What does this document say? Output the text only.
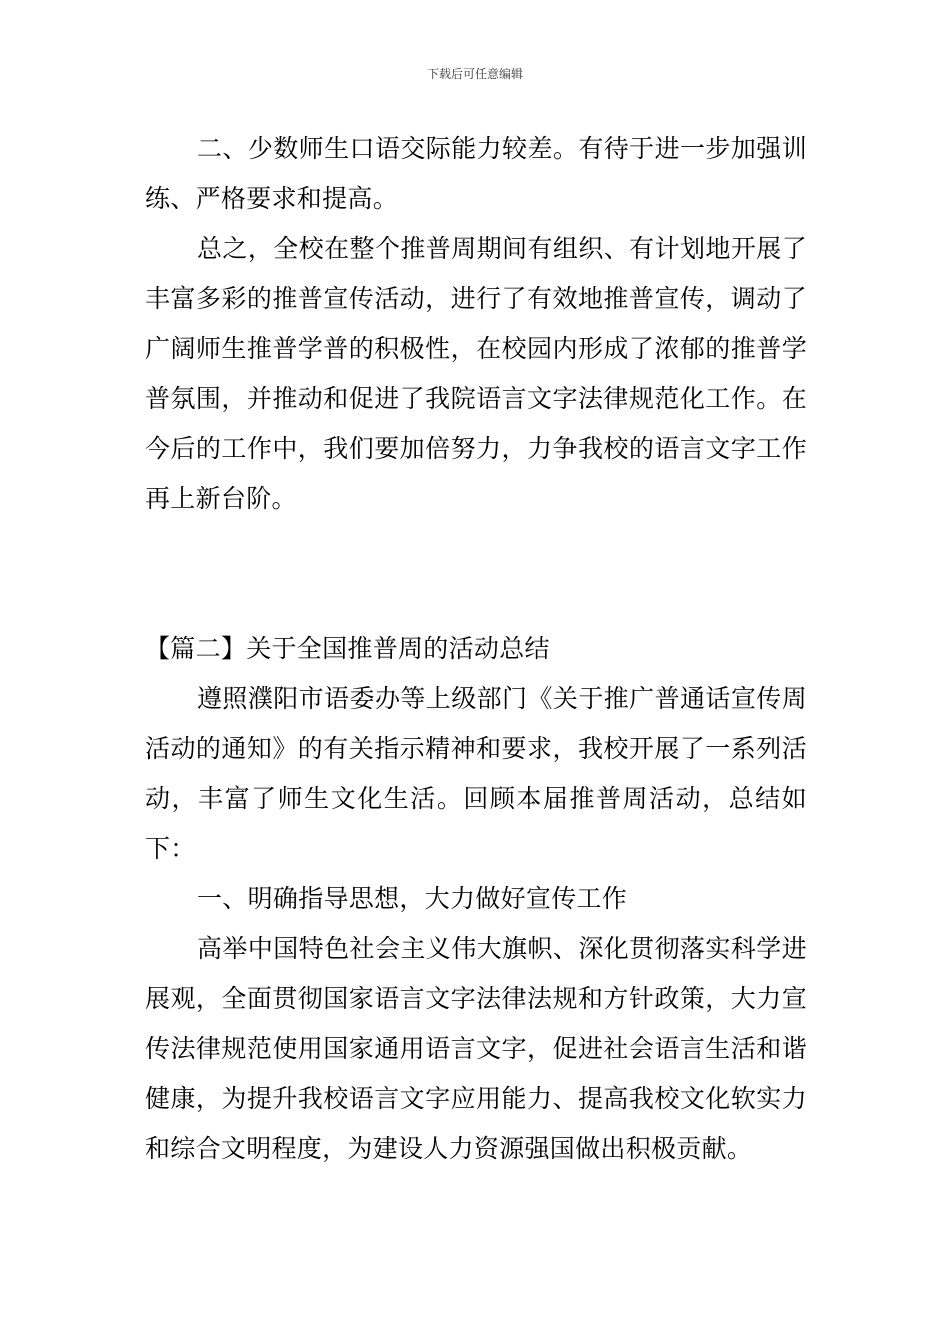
下载后可任意编辑

二、少数师生口语交际能力较差。有待于进一步加强训练、严格要求和提高。

总之，全校在整个推普周期间有组织、有计划地开展了丰富多彩的推普宣传活动，进行了有效地推普宣传，调动了广阔师生推普学普的积极性，在校园内形成了浓郁的推普学普氛围，并推动和促进了我院语言文字法律规范化工作。在今后的工作中，我们要加倍努力，力争我校的语言文字工作再上新台阶。

【篇二】关于全国推普周的活动总结

遵照濮阳市语委办等上级部门《关于推广普通话宣传周活动的通知》的有关指示精神和要求，我校开展了一系列活动，丰富了师生文化生活。回顾本届推普周活动，总结如下：

一、明确指导思想，大力做好宣传工作

高举中国特色社会主义伟大旗帜、深化贯彻落实科学进展观，全面贯彻国家语言文字法律法规和方针政策，大力宣传法律规范使用国家通用语言文字，促进社会语言生活和谐健康，为提升我校语言文字应用能力、提高我校文化软实力和综合文明程度，为建设人力资源强国做出积极贡献。
